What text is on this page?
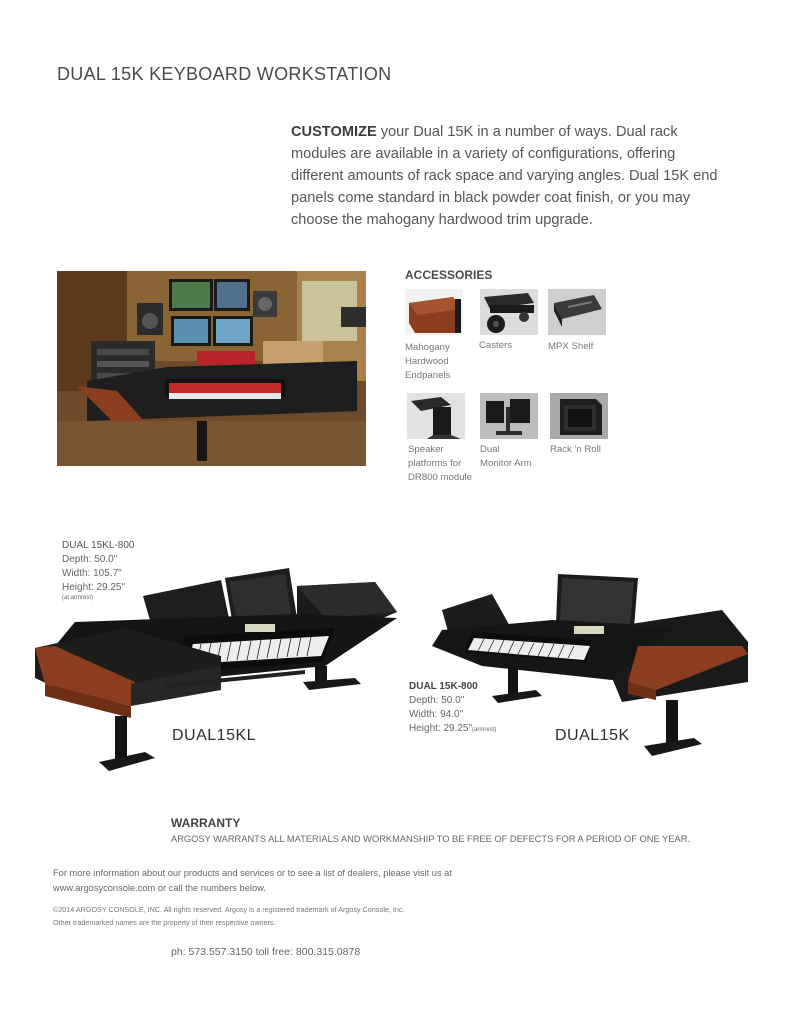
DUAL 15K KEYBOARD WORKSTATION
CUSTOMIZE your Dual 15K in a number of ways. Dual rack modules are available in a variety of configurations, offering different amounts of rack space and varying angles. Dual 15K end panels come standard in black powder coat finish, or you may choose the mahogany hardwood trim upgrade.
ACCESSORIES
Mahogany
Hardwood
Endpanels
Casters	MPX Shelf
Speaker
platforms for
DR800 module
Dual
Monitor Arm
Rack 'n Roll
DUAL 15KL-800
Depth: 50.0"
Width: 105.7"
Height: 29.25"
(at armrest)
DUAL15KL
DUAL 15K-800
Depth: 50.0"
Width: 94.0"
Height: 29.25"(armrest)	DUAL15K
WARRANTY
ARGOSY WARRANTS ALL MATERIALS AND WORKMANSHIP TO BE FREE OF DEFECTS FOR A PERIOD OF ONE YEAR.
For more information about our products and services or to see a list of dealers, please visit us at www.argosyconsole.com or call the numbers below.
©2014 ARGOSY CONSOLE, INC. All rights reserved. Argosy is a registered trademark of Argosy Console, Inc.
Other trademarked names are the property of their respective owners.
ph: 573.557.3150 toll free: 800.315.0878
